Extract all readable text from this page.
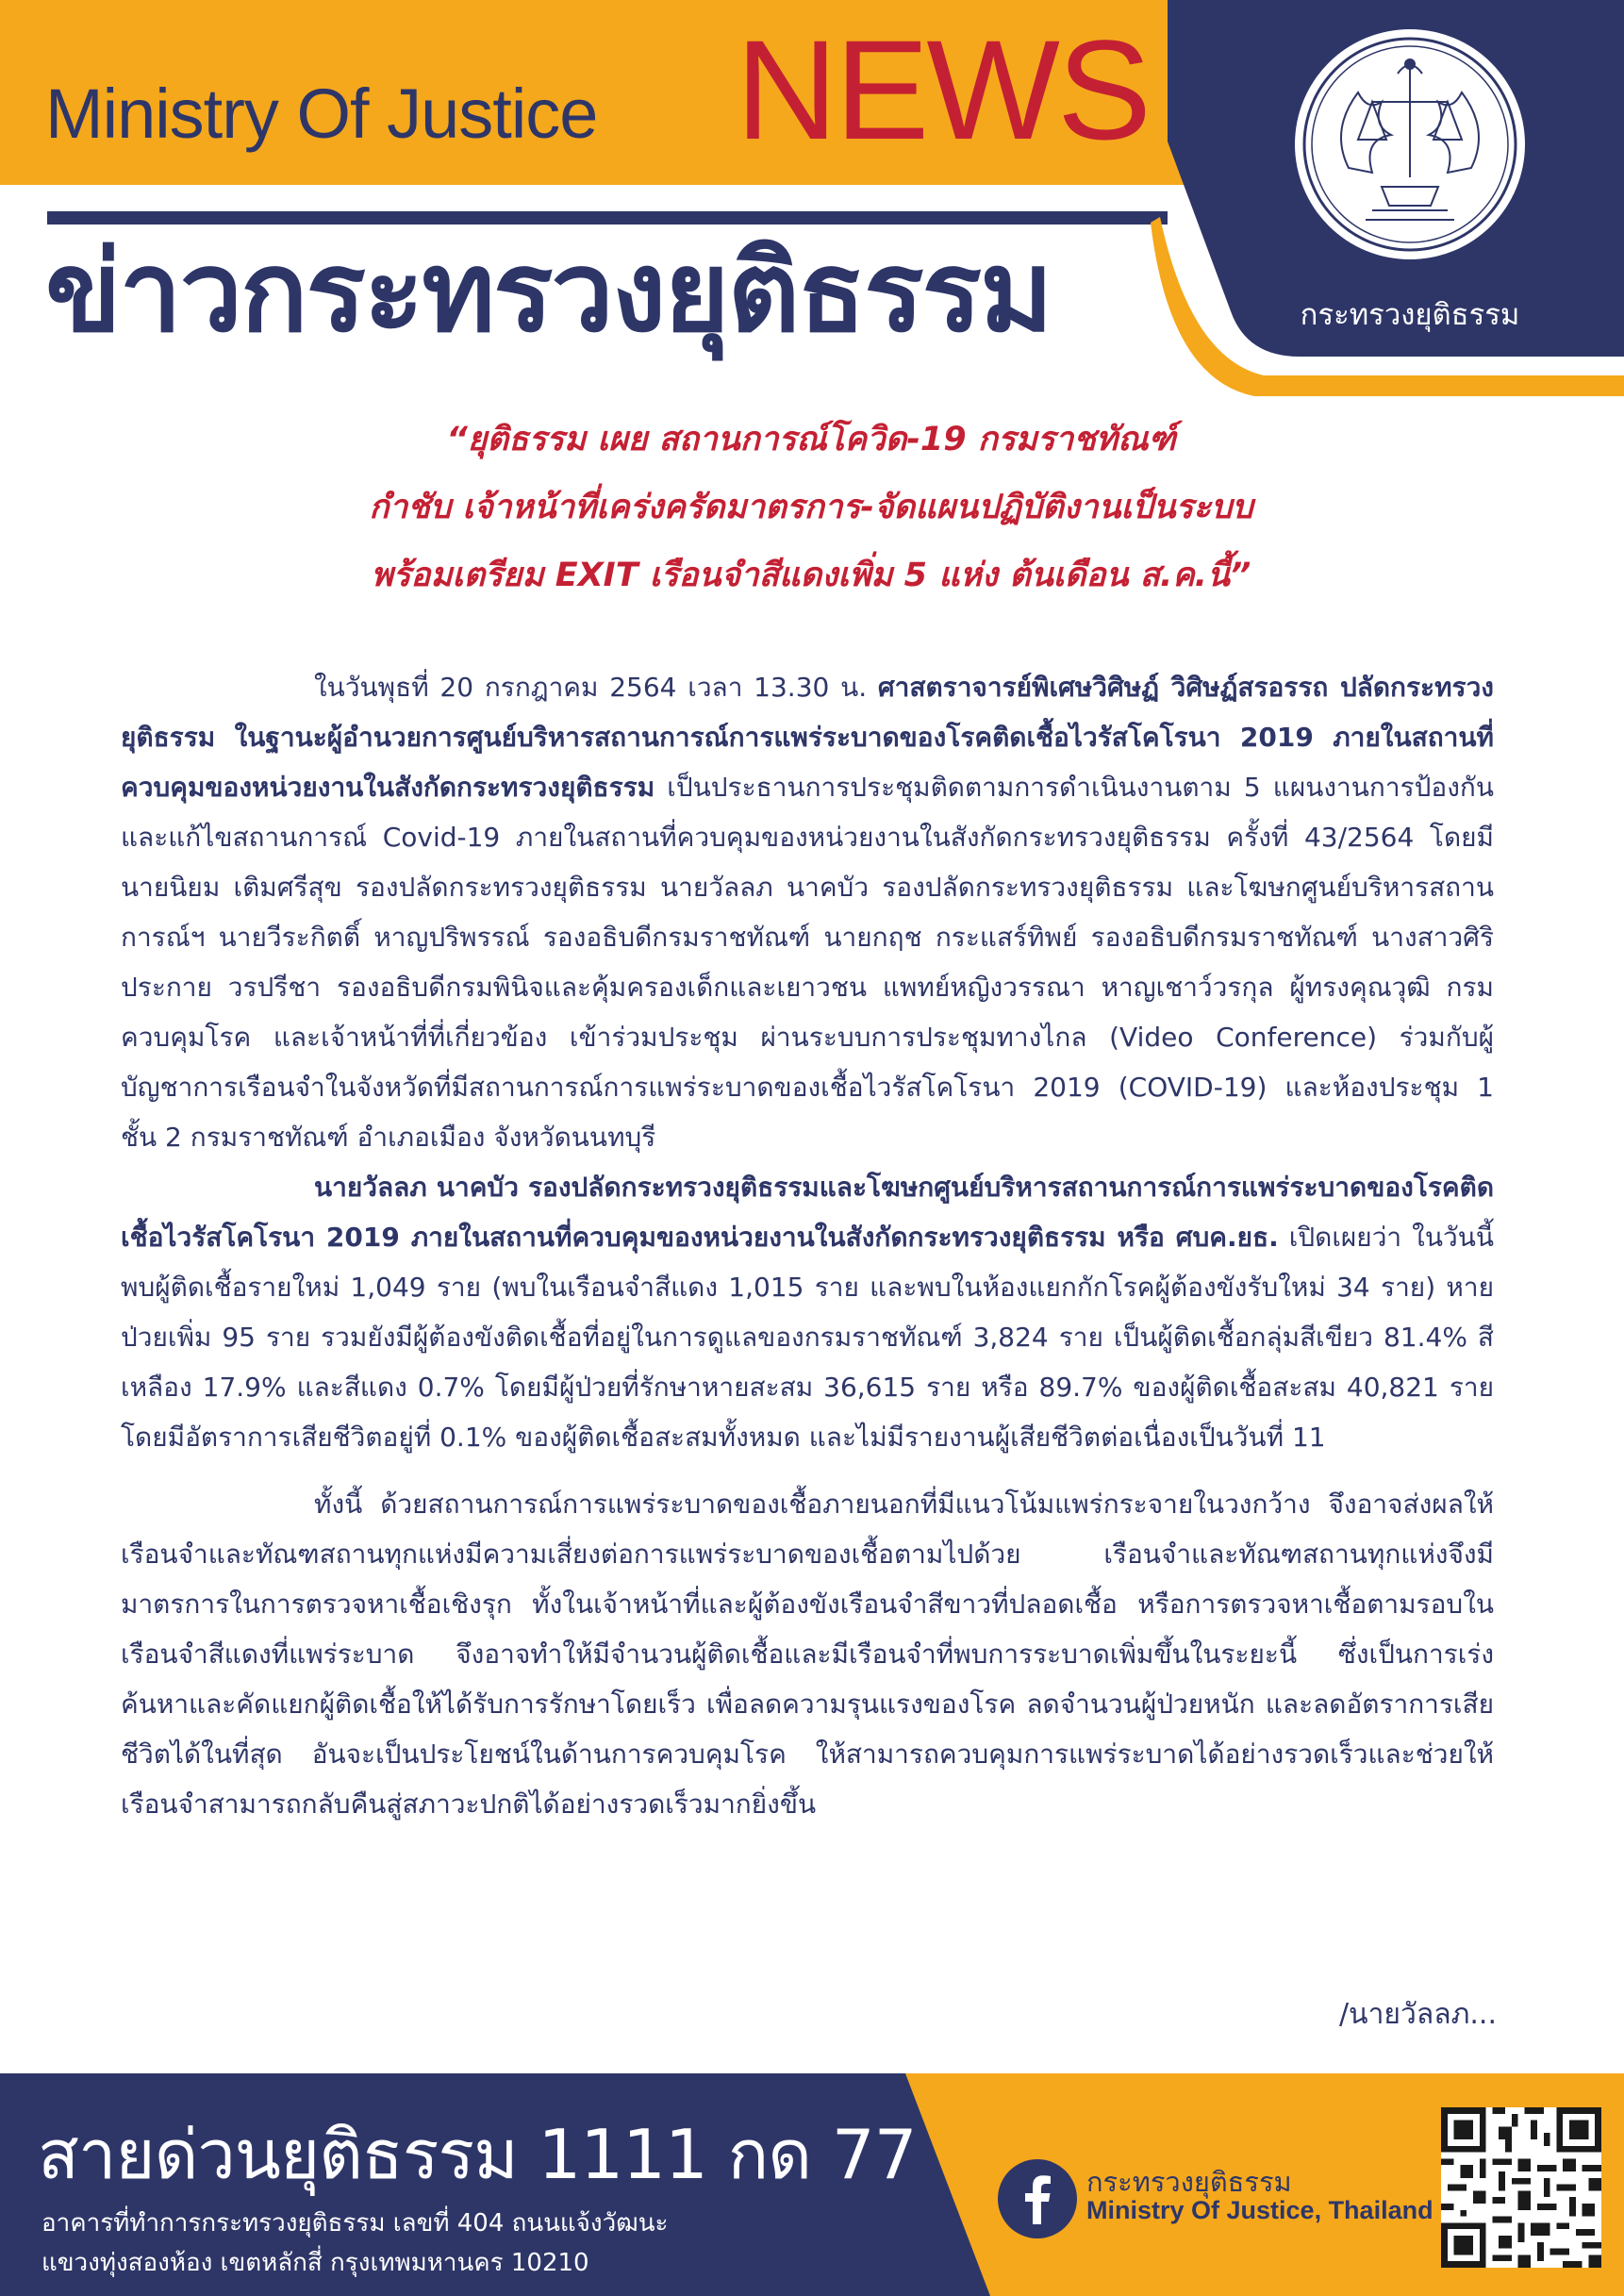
Ministry Of Justice NEWS
ข่าวกระทรวงยุติธรรม	กระทรวงยุติธรรม
“ยุติธรรม เผย สถานการณ์โควิด-19 กรมราชทัณฑ์
กำชับ เจ้าหน้าที่เคร่งครัดมาตรการ-จัดแผนปฏิบัติงานเป็นระบบ
พร้อมเตรียม EXIT เรือนจำสีแดงเพิ่ม 5 แห่ง ต้นเดือน ส.ค.นี้”

ในวันพุธที่ 20 กรกฎาคม 2564 เวลา 13.30 น. ศาสตราจารย์พิเศษวิศิษฏ์ วิศิษฏ์สรอรรถ ปลัดกระทรวงยุติธรรม ในฐานะผู้อำนวยการศูนย์บริหารสถานการณ์การแพร่ระบาดของโรคติดเชื้อไวรัสโคโรนา 2019 ภายในสถานที่ควบคุมของหน่วยงานในสังกัดกระทรวงยุติธรรม เป็นประธานการประชุมติดตามการดำเนินงานตาม 5 แผนงานการป้องกันและแก้ไขสถานการณ์ Covid-19 ภายในสถานที่ควบคุมของหน่วยงานในสังกัดกระทรวงยุติธรรม ครั้งที่ 43/2564 โดยมีนายนิยม เติมศรีสุข รองปลัดกระทรวงยุติธรรม นายวัลลภ นาคบัว รองปลัดกระทรวงยุติธรรม และโฆษกศูนย์บริหารสถานการณ์ฯ นายวีระกิตติ์ หาญปริพรรณ์ รองอธิบดีกรมราชทัณฑ์ นายกฤช กระแสร์ทิพย์ รองอธิบดีกรมราชทัณฑ์ นางสาวศิริประกาย วรปรีชา รองอธิบดีกรมพินิจและคุ้มครองเด็กและเยาวชน แพทย์หญิงวรรณา หาญเชาว์วรกุล ผู้ทรงคุณวุฒิ กรมควบคุมโรค และเจ้าหน้าที่ที่เกี่ยวข้อง เข้าร่วมประชุม ผ่านระบบการประชุมทางไกล (Video Conference) ร่วมกับผู้บัญชาการเรือนจำในจังหวัดที่มีสถานการณ์การแพร่ระบาดของเชื้อไวรัสโคโรนา 2019 (COVID-19) และห้องประชุม 1 ชั้น 2 กรมราชทัณฑ์ อำเภอเมือง จังหวัดนนทบุรี

นายวัลลภ นาคบัว รองปลัดกระทรวงยุติธรรมและโฆษกศูนย์บริหารสถานการณ์การแพร่ระบาดของโรคติดเชื้อไวรัสโคโรนา 2019 ภายในสถานที่ควบคุมของหน่วยงานในสังกัดกระทรวงยุติธรรม หรือ ศบค.ยธ. เปิดเผยว่า ในวันนี้ พบผู้ติดเชื้อรายใหม่ 1,049 ราย (พบในเรือนจำสีแดง 1,015 ราย และพบในห้องแยกกักโรคผู้ต้องขังรับใหม่ 34 ราย) หายป่วยเพิ่ม 95 ราย รวมยังมีผู้ต้องขังติดเชื้อที่อยู่ในการดูแลของกรมราชทัณฑ์ 3,824 ราย เป็นผู้ติดเชื้อกลุ่มสีเขียว 81.4% สีเหลือง 17.9% และสีแดง 0.7% โดยมีผู้ป่วยที่รักษาหายสะสม 36,615 ราย หรือ 89.7% ของผู้ติดเชื้อสะสม 40,821 ราย โดยมีอัตราการเสียชีวิตอยู่ที่ 0.1% ของผู้ติดเชื้อสะสมทั้งหมด และไม่มีรายงานผู้เสียชีวิตต่อเนื่องเป็นวันที่ 11

ทั้งนี้ ด้วยสถานการณ์การแพร่ระบาดของเชื้อภายนอกที่มีแนวโน้มแพร่กระจายในวงกว้าง จึงอาจส่งผลให้เรือนจำและทัณฑสถานทุกแห่งมีความเสี่ยงต่อการแพร่ระบาดของเชื้อตามไปด้วย เรือนจำและทัณฑสถานทุกแห่งจึงมีมาตรการในการตรวจหาเชื้อเชิงรุก ทั้งในเจ้าหน้าที่และผู้ต้องขังเรือนจำสีขาวที่ปลอดเชื้อ หรือการตรวจหาเชื้อตามรอบในเรือนจำสีแดงที่แพร่ระบาด จึงอาจทำให้มีจำนวนผู้ติดเชื้อและมีเรือนจำที่พบการระบาดเพิ่มขึ้นในระยะนี้ ซึ่งเป็นการเร่งค้นหาและคัดแยกผู้ติดเชื้อให้ได้รับการรักษาโดยเร็ว เพื่อลดความรุนแรงของโรค ลดจำนวนผู้ป่วยหนัก และลดอัตราการเสียชีวิตได้ในที่สุด อันจะเป็นประโยชน์ในด้านการควบคุมโรค ให้สามารถควบคุมการแพร่ระบาดได้อย่างรวดเร็วและช่วยให้เรือนจำสามารถกลับคืนสู่สภาวะปกติได้อย่างรวดเร็วมากยิ่งขึ้น

/นายวัลลภ...
สายด่วนยุติธรรม 1111 กด 77
อาคารที่ทำการกระทรวงยุติธรรม เลขที่ 404 ถนนแจ้งวัฒนะ
แขวงทุ่งสองห้อง เขตหลักสี่ กรุงเทพมหานคร 10210
กระทรวงยุติธรรม
Ministry Of Justice, Thailand
